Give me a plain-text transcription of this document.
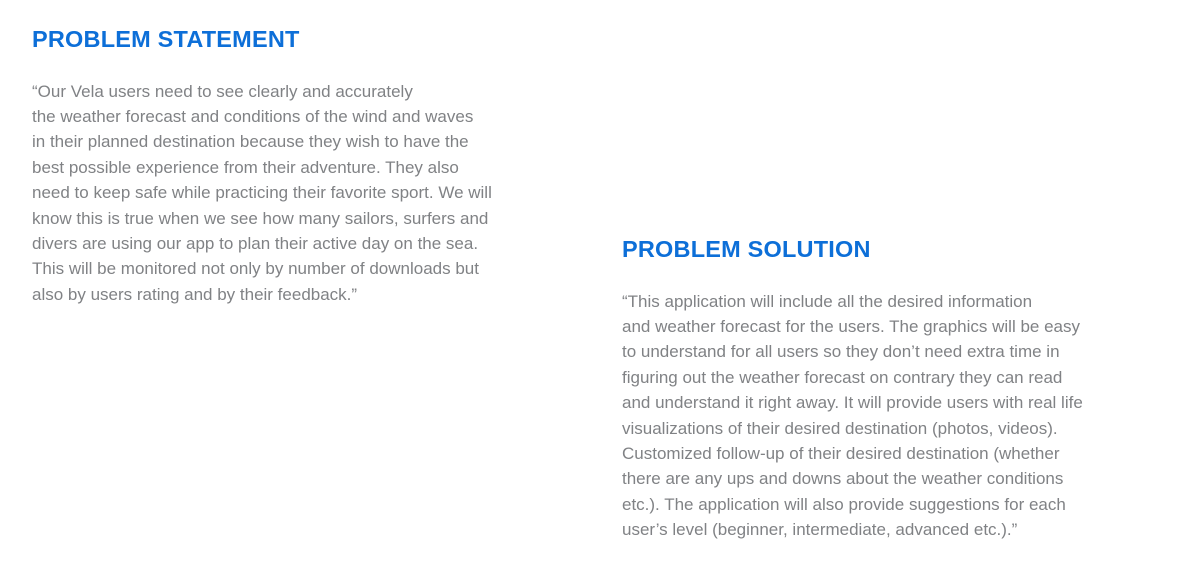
PROBLEM STATEMENT

“Our Vela users need to see clearly and accurately
the weather forecast and conditions of the wind and waves
in their planned destination because they wish to have the
best possible experience from their adventure. They also
need to keep safe while practicing their favorite sport. We will
know this is true when we see how many sailors, surfers and
divers are using our app to plan their active day on the sea.
This will be monitored not only by number of downloads but
also by users rating and by their feedback.”

PROBLEM SOLUTION

“This application will include all the desired information
and weather forecast for the users. The graphics will be easy
to understand for all users so they don’t need extra time in
figuring out the weather forecast on contrary they can read
and understand it right away. It will provide users with real life
visualizations of their desired destination (photos, videos).
Customized follow-up of their desired destination (whether
there are any ups and downs about the weather conditions
etc.). The application will also provide suggestions for each
user’s level (beginner, intermediate, advanced etc.).”
